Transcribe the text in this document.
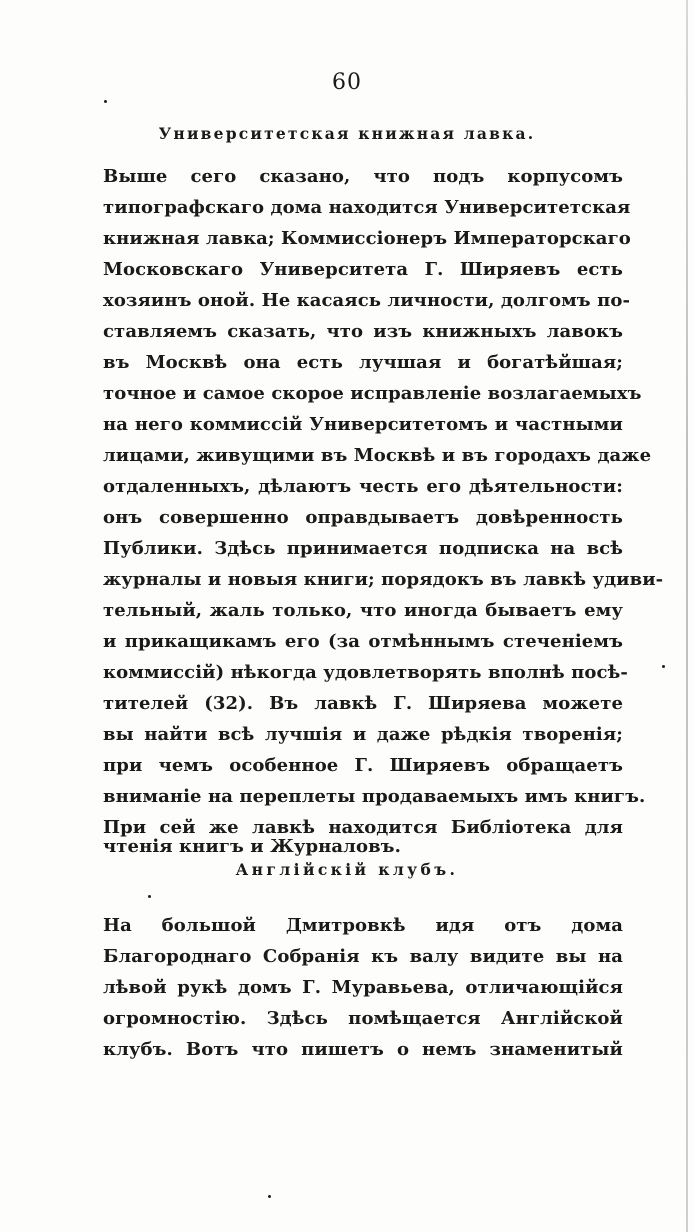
60
Университетская книжная лавка.
Выше сего сказано, что подъ корпусомъ
типографскаго дома находится Университетская
книжная лавка; Коммиссіонеръ Императорскаго
Московскаго Университета Г. Ширяевъ есть
хозяинъ оной. Не касаясь личности, долгомъ по-
ставляемъ сказать, что изъ книжныхъ лавокъ
въ Москвѣ она есть лучшая и богатѣйшая;
точное и самое скорое исправленіе возлагаемыхъ
на него коммиссій Университетомъ и частными
лицами, живущими въ Москвѣ и въ городахъ даже
отдаленныхъ, дѣлаютъ честь его дѣятельности:
онъ совершенно оправдываетъ довѣренность
Публики. Здѣсь принимается подписка на всѣ
журналы и новыя книги; порядокъ въ лавкѣ удиви-
тельный, жаль только, что иногда бываетъ ему
и прикащикамъ его (за отмѣннымъ стеченіемъ
коммиссій) нѣкогда удовлетворять вполнѣ посѣ-
тителей (32). Въ лавкѣ Г. Ширяева можете
вы найти всѣ лучшія и даже рѣдкія творенія;
при чемъ особенное Г. Ширяевъ обращаетъ
вниманіе на переплеты продаваемыхъ имъ книгъ.
При сей же лавкѣ находится Библіотека для
чтенія книгъ и Журналовъ.
Англійскій клубъ.
На большой Дмитровкѣ идя отъ дома
Благороднаго Собранія къ валу видите вы на
лѣвой рукѣ домъ Г. Муравьева, отличающійся
огромностію. Здѣсь помѣщается Англійской
клубъ. Вотъ что пишетъ о немъ знаменитый
